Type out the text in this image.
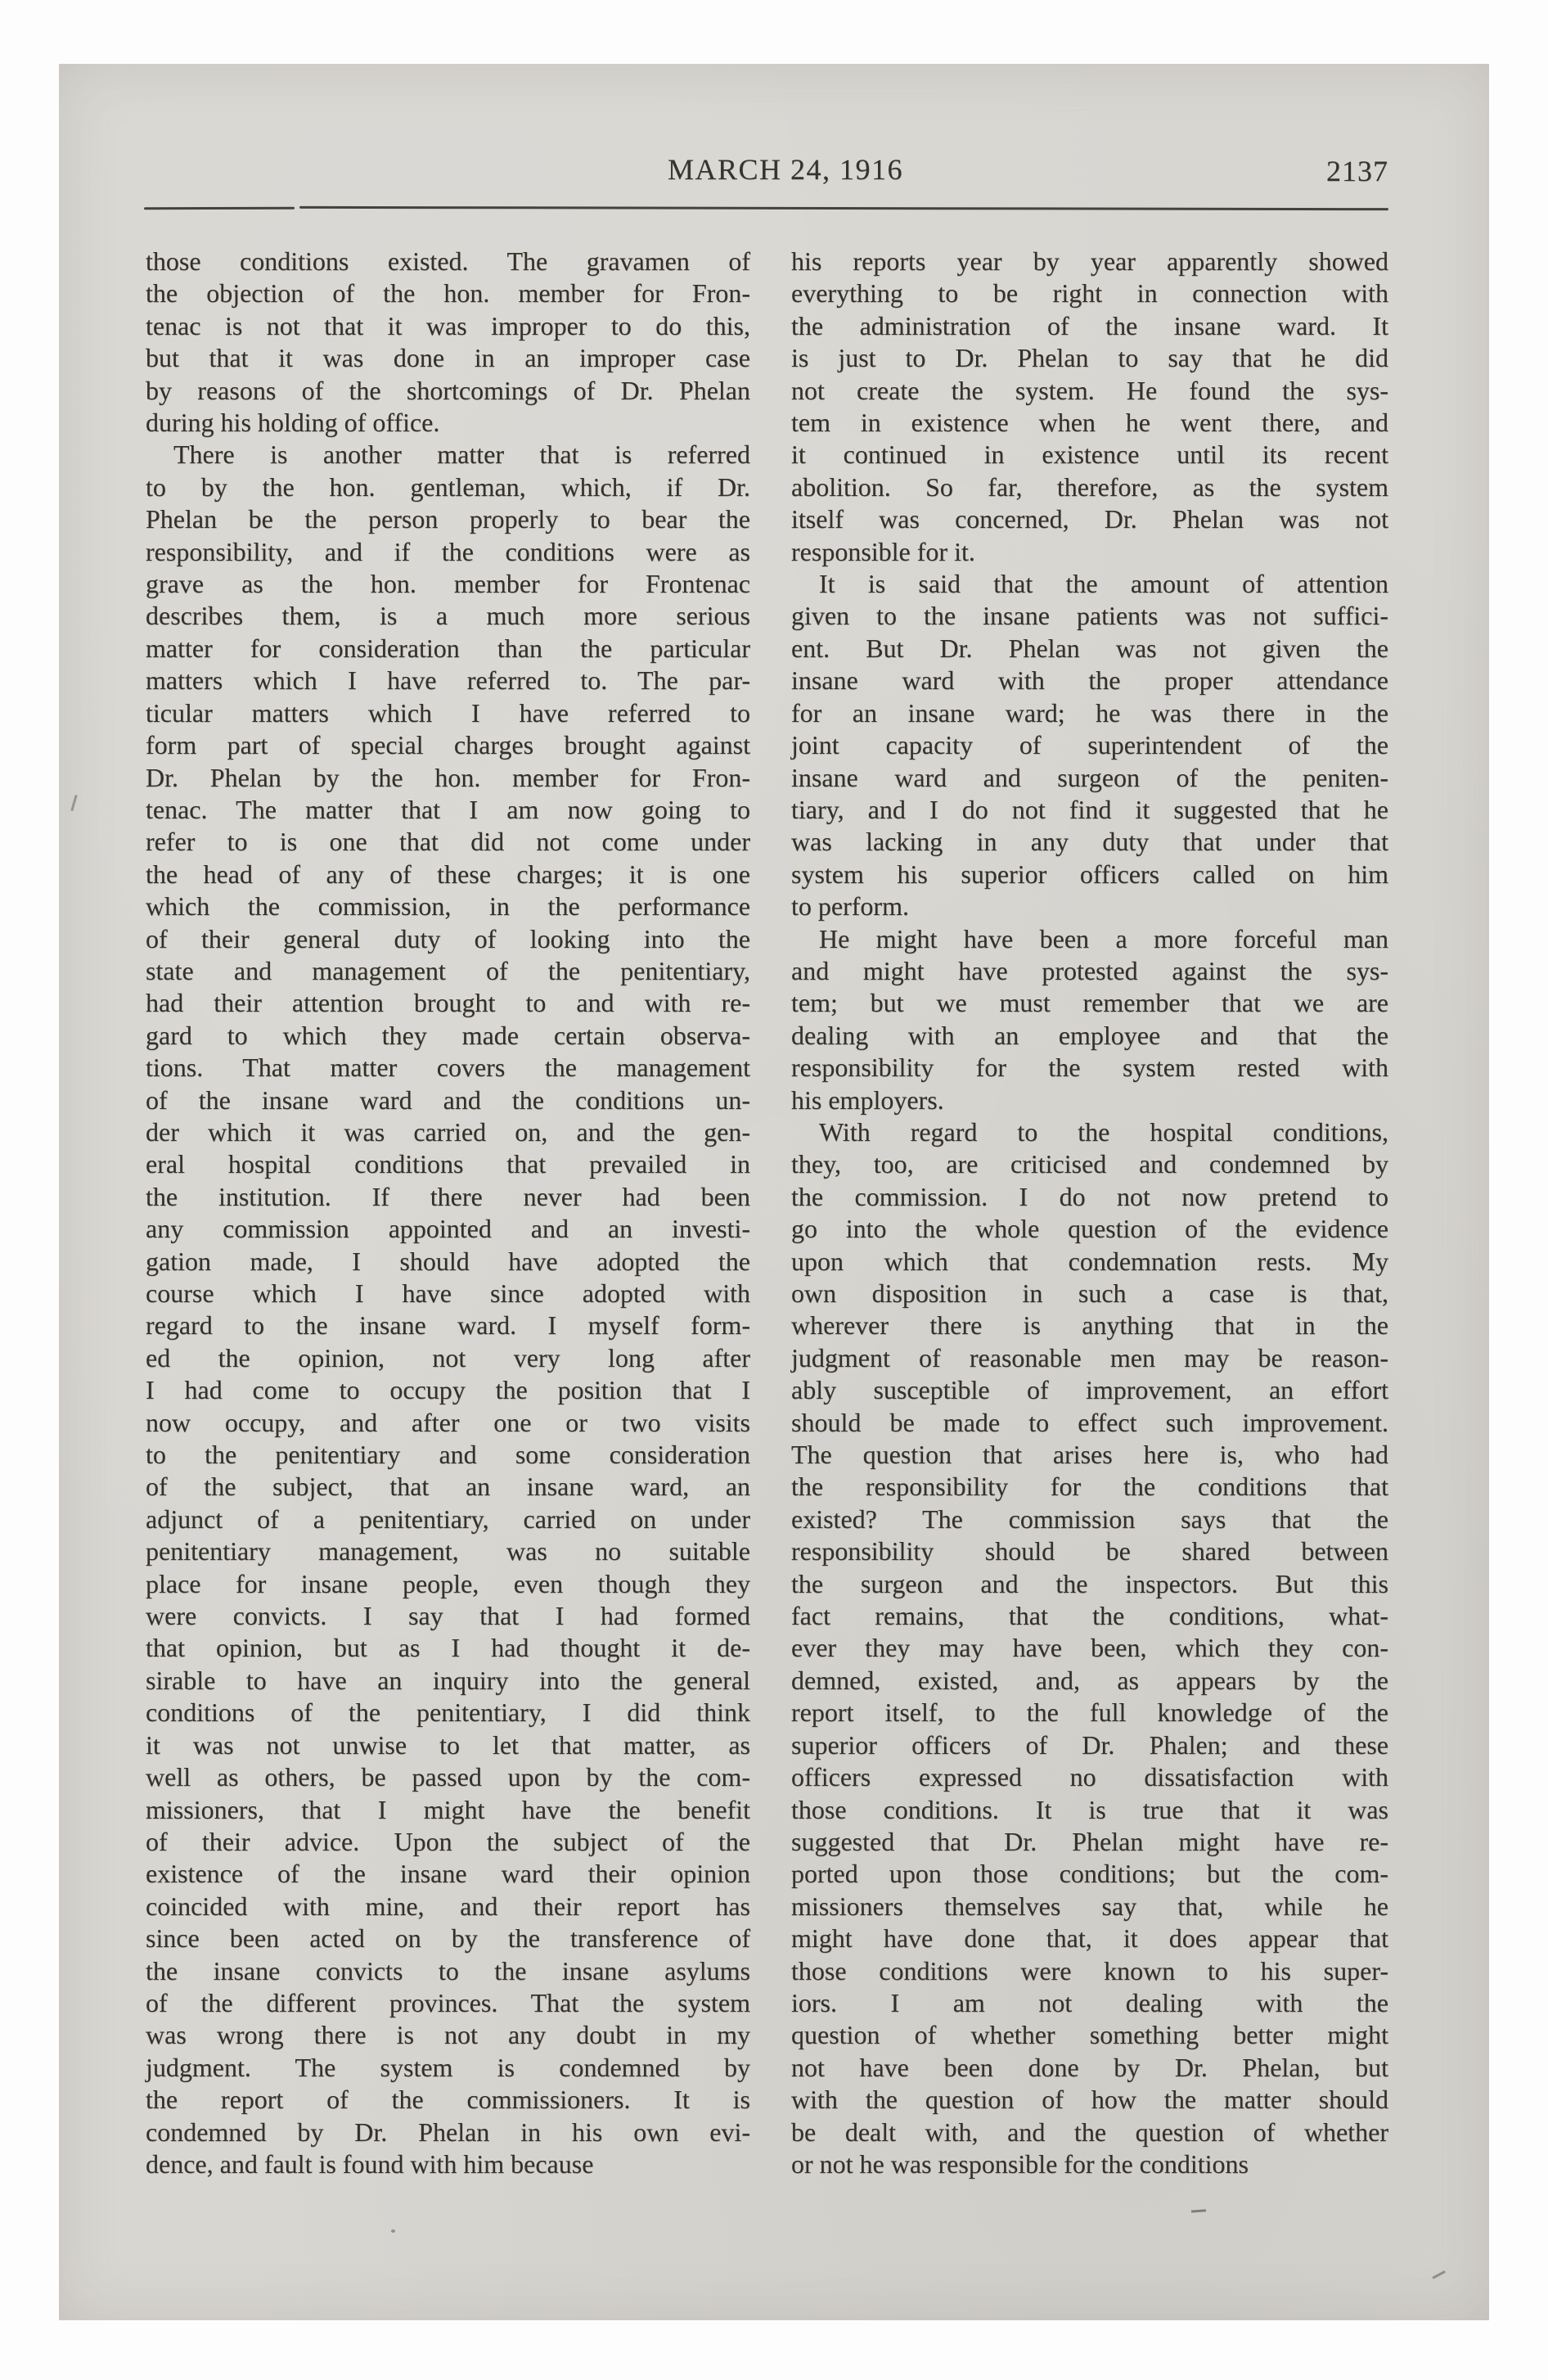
MARCH 24, 1916	2137

those conditions existed. The gravamen of
the objection of the hon. member for Fron-
tenac is not that it was improper to do this,
but that it was done in an improper case
by reasons of the shortcomings of Dr. Phelan
during his holding of office.

There is another matter that is referred
to by the hon. gentleman, which, if Dr.
Phelan be the person properly to bear the
responsibility, and if the conditions were as
grave as the hon. member for Frontenac
describes them, is a much more serious
matter for consideration than the particular
matters which I have referred to. The par-
ticular matters which I have referred to
form part of special charges brought against
Dr. Phelan by the hon. member for Fron-
tenac. The matter that I am now going to
refer to is one that did not come under
the head of any of these charges; it is one
which the commission, in the performance
of their general duty of looking into the
state and management of the penitentiary,
had their attention brought to and with re-
gard to which they made certain observa-
tions. That matter covers the management
of the insane ward and the conditions un-
der which it was carried on, and the gen-
eral hospital conditions that prevailed in
the institution. If there never had been
any commission appointed and an investi-
gation made, I should have adopted the
course which I have since adopted with
regard to the insane ward. I myself form-
ed the opinion, not very long after
I had come to occupy the position that I
now occupy, and after one or two visits
to the penitentiary and some consideration
of the subject, that an insane ward, an
adjunct of a penitentiary, carried on under
penitentiary management, was no suitable
place for insane people, even though they
were convicts. I say that I had formed
that opinion, but as I had thought it de-
sirable to have an inquiry into the general
conditions of the penitentiary, I did think
it was not unwise to let that matter, as
well as others, be passed upon by the com-
missioners, that I might have the benefit
of their advice. Upon the subject of the
existence of the insane ward their opinion
coincided with mine, and their report has
since been acted on by the transference of
the insane convicts to the insane asylums
of the different provinces. That the system
was wrong there is not any doubt in my
judgment. The system is condemned by
the report of the commissioners. It is
condemned by Dr. Phelan in his own evi-
dence, and fault is found with him because

his reports year by year apparently showed
everything to be right in connection with
the administration of the insane ward. It
is just to Dr. Phelan to say that he did
not create the system. He found the sys-
tem in existence when he went there, and
it continued in existence until its recent
abolition. So far, therefore, as the system
itself was concerned, Dr. Phelan was not
responsible for it.

It is said that the amount of attention
given to the insane patients was not suffici-
ent. But Dr. Phelan was not given the
insane ward with the proper attendance
for an insane ward; he was there in the
joint capacity of superintendent of the
insane ward and surgeon of the peniten-
tiary, and I do not find it suggested that he
was lacking in any duty that under that
system his superior officers called on him
to perform.

He might have been a more forceful man
and might have protested against the sys-
tem; but we must remember that we are
dealing with an employee and that the
responsibility for the system rested with
his employers.

With regard to the hospital conditions,
they, too, are criticised and condemned by
the commission. I do not now pretend to
go into the whole question of the evidence
upon which that condemnation rests. My
own disposition in such a case is that,
wherever there is anything that in the
judgment of reasonable men may be reason-
ably susceptible of improvement, an effort
should be made to effect such improvement.
The question that arises here is, who had
the responsibility for the conditions that
existed? The commission says that the
responsibility should be shared between
the surgeon and the inspectors. But this
fact remains, that the conditions, what-
ever they may have been, which they con-
demned, existed, and, as appears by the
report itself, to the full knowledge of the
superior officers of Dr. Phalen; and these
officers expressed no dissatisfaction with
those conditions. It is true that it was
suggested that Dr. Phelan might have re-
ported upon those conditions; but the com-
missioners themselves say that, while he
might have done that, it does appear that
those conditions were known to his super-
iors. I am not dealing with the
question of whether something better might
not have been done by Dr. Phelan, but
with the question of how the matter should
be dealt with, and the question of whether
or not he was responsible for the conditions
